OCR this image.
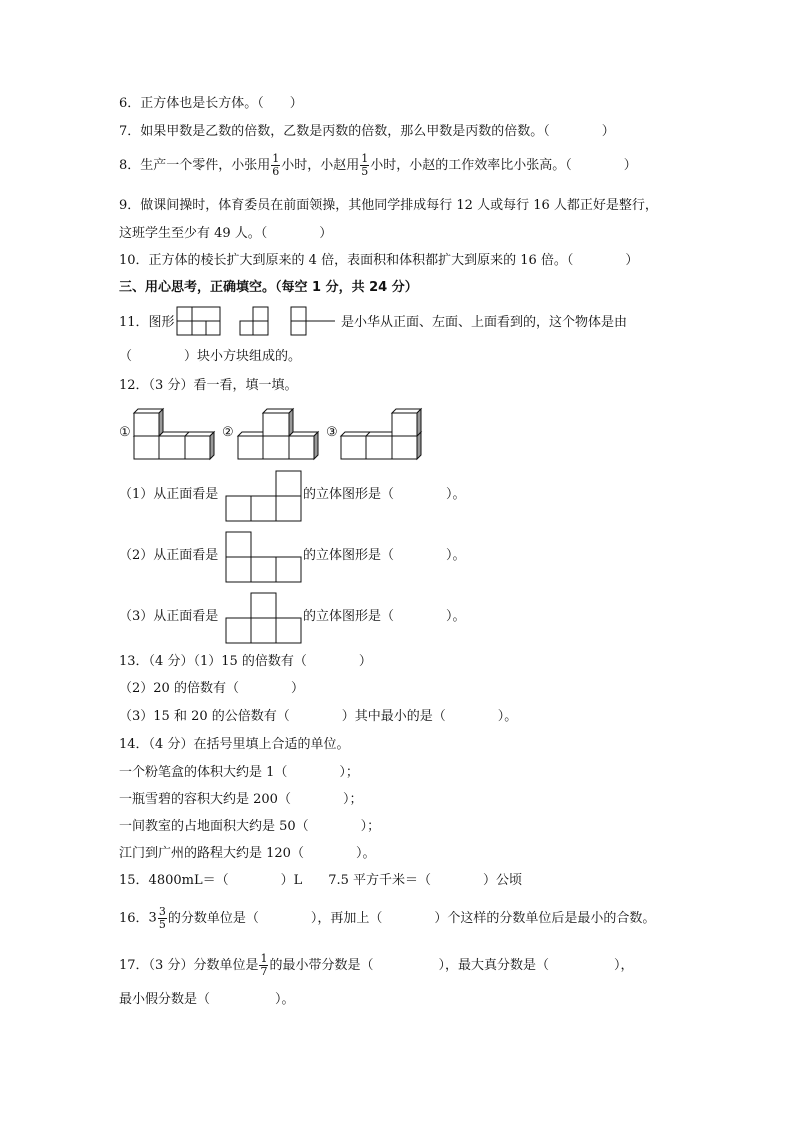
6．正方体也是长方体。（　　）
7．如果甲数是乙数的倍数，乙数是丙数的倍数，那么甲数是丙数的倍数。（　　　　）
8．生产一个零件，小张用 $\frac{1}{6}$ 小时，小赵用 $\frac{1}{5}$ 小时，小赵的工作效率比小张高。（　　　　）
9．做课间操时，体育委员在前面领操，其他同学排成每行 12 人或每行 16 人都正好是整行，
这班学生至少有 49 人。（　　　　）
10．正方体的棱长扩大到原来的 4 倍，表面积和体积都扩大到原来的 16 倍。（　　　　）
三、用心思考，正确填空。（每空 1 分，共 24 分）
11．图形	是小华从正面、左面、上面看到的，这个物体是由
（　　　　）块小方块组成的。
12．（3 分）看一看，填一填。
①	②	③
（1）从正面看是	的立体图形是（　　　　）。
（2）从正面看是	的立体图形是（　　　　）。
（3）从正面看是	的立体图形是（　　　　）。
13．（4 分）（1）15 的倍数有（　　　　）
（2）20 的倍数有（　　　　）
（3）15 和 20 的公倍数有（　　　　）其中最小的是（　　　　）。
14．（4 分）在括号里填上合适的单位。
一个粉笔盒的体积大约是 1（　　　　）；
一瓶雪碧的容积大约是 200（　　　　）；
一间教室的占地面积大约是 50（　　　　）；
江门到广州的路程大约是 120（　　　　）。
15．4800mL＝（　　　　）L　　7.5 平方千米＝（　　　　）公顷
16．$3 \frac{3}{5}$ 的分数单位是（　　　　），再加上（　　　　）个这样的分数单位后是最小的合数。
17．（3 分）分数单位是 $\frac{1}{7}$ 的最小带分数是（　　　　　），最大真分数是（　　　　　），
最小假分数是（　　　　　）。
